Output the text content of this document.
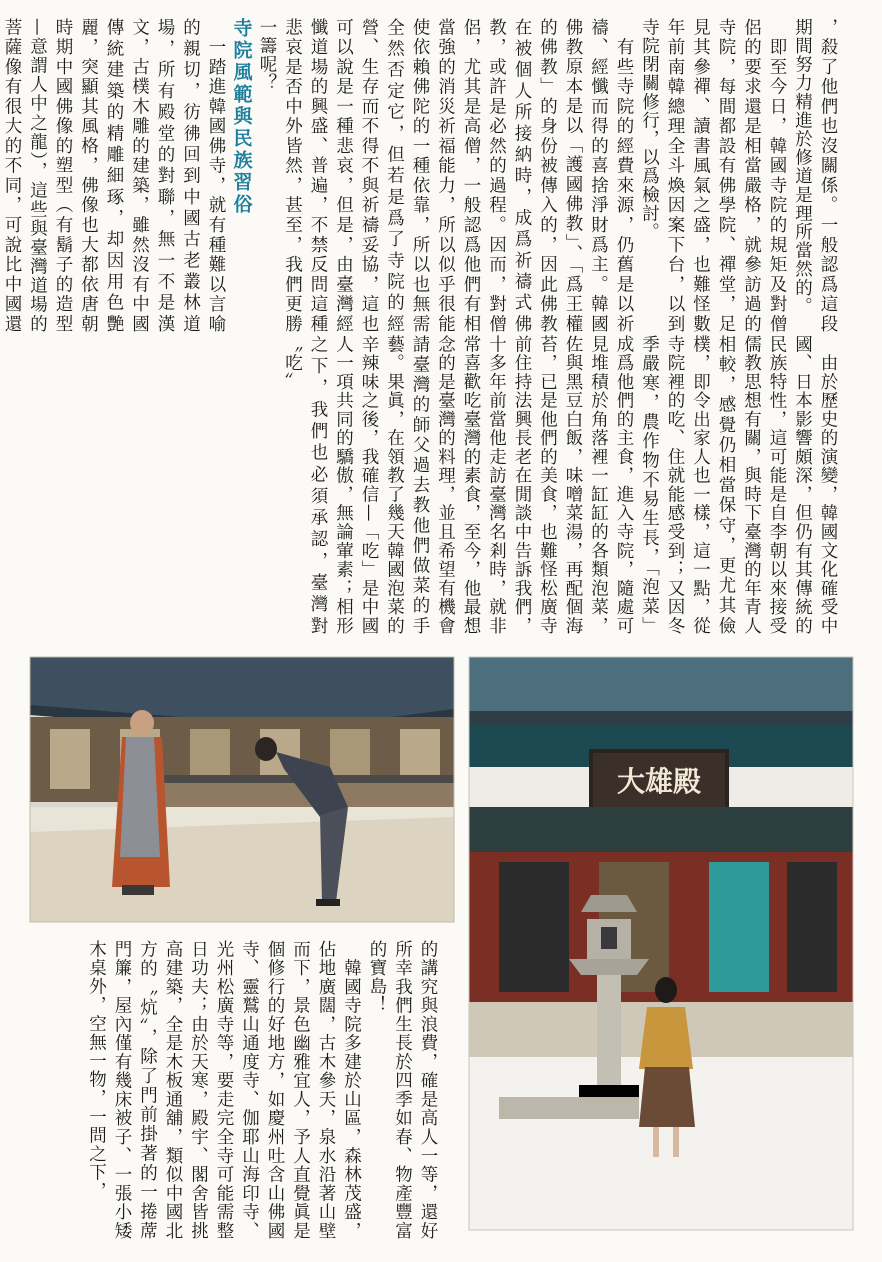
，殺了他們也沒關係。一般認爲這段期間努力精進於修道是理所當然的。
　即至今日，韓國寺院的規矩及對僧侶的要求還是相當嚴格，就參訪過的寺院，每間都設有佛學院、禪堂，足見其參禪、讀書風氣之盛，也難怪數年前南韓總理全斗煥因案下台，以到寺院閉關修行，以爲檢討。
　有些寺院的經費來源，仍舊是以祈禱、經懺而得的喜捨淨財爲主。韓國佛教原本是以「護國佛教」、「爲王權的佛教」的身份被傳入的，因此佛教在被個人所接納時，成爲祈禱式佛教，或許是必然的過程。因而，對僧侶，尤其是高僧，一般認爲他們有相當強的消災祈福能力，所以似乎很能使依賴佛陀的一種依靠，所以也無需全然否定它，但若是爲了寺院的經營、生存而不得不與祈禱妥協，這也可以說是一種悲哀，但是，由臺灣經懺道場的興盛、普遍，不禁反問這種悲哀是否中外皆然，甚至，我們更勝一籌呢？
寺院風範與民族習俗
　一踏進韓國佛寺，就有種難以言喻的親切，彷彿回到中國古老叢林道場，所有殿堂的對聯，無一不是漢文，古樸木雕的建築，雖然沒有中國傳統建築的精雕細琢，却因用色艷麗，突顯其風格，佛像也大都依唐朝時期中國佛像的塑型（有鬍子的造型—意謂人中之龍），這些與臺灣道場的菩薩像有很大的不同，可說比中國還
　由於歷史的演變，韓國文化確受中國、日本影響頗深，但仍有其傳統的民族特性，這可能是自李朝以來接受儒教思想有關，與時下臺灣的年青人相較，感覺仍相當保守，更尤其儉樸，即令出家人也一樣，這一點，從寺院裡的吃、住就能感受到；又因冬季嚴寒，農作物不易生長，「泡菜」成爲他們的主食，進入寺院，隨處可見堆積於角落裡一缸缸的各類泡菜，佐與黑豆白飯，味噌菜湯，再配個海苔，已是他們的美食，也難怪松廣寺前住持法興長老在閒談中告訴我們，十多年前當他走訪臺灣名剎時，就非常喜歡吃臺灣的素食，至今，他最想念的是臺灣的料理，並且希望有機會請臺灣的師父過去教他們做菜的手藝。果眞，在領教了幾天韓國泡菜的辛辣味之後，我確信—「吃」是中國人一項共同的驕傲，無論葷素；相形之下，我們也必須承認，臺灣對〝吃〞
大雄殿
的講究與浪費，確是高人一等，還好所幸我們生長於四季如春、物產豐富的寶島！
　韓國寺院多建於山區，森林茂盛，佔地廣闊，古木參天，泉水沿著山壁而下，景色幽雅宜人，予人直覺眞是個修行的好地方，如慶州吐含山佛國寺、靈鷲山通度寺、伽耶山海印寺、光州松廣寺等，要走完全寺可能需整日功夫；由於天寒，殿宇、閣舍皆挑高建築，全是木板通舖，類似中國北方的〝炕〞，除了門前掛著的一捲蓆門簾，屋內僅有幾床被子、一張小矮木桌外，空無一物，一問之下，
